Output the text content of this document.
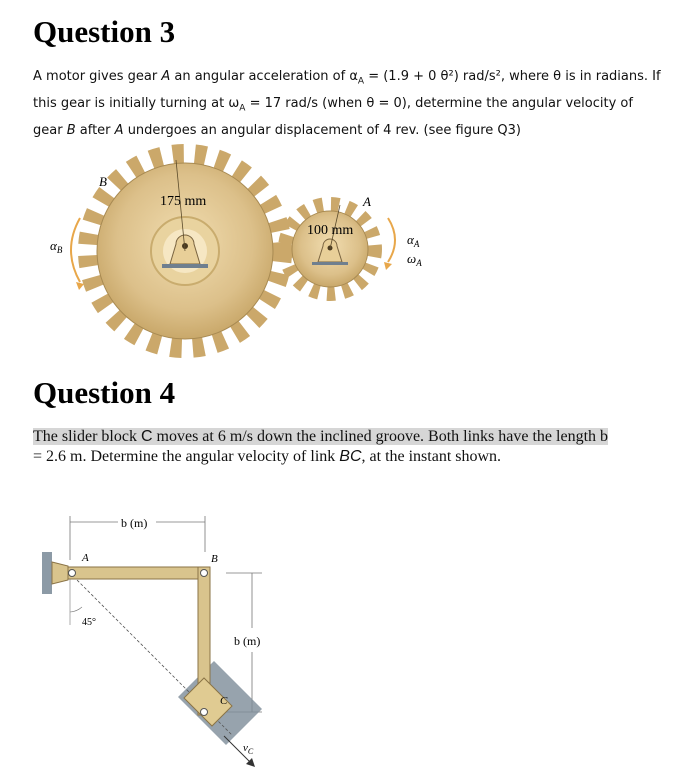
Question 3
A motor gives gear A an angular acceleration of $\alpha_A = (1.9 + 0$ θ²) rad/s², where θ is in radians. If
this gear is initially turning at $\omega_A = 17$ rad/s (when θ = 0), determine the angular velocity of
gear B after A undergoes an angular displacement of 4 rev. (see figure Q3)
B
175 mm	A
100 mm
$\alpha_B$
$\alpha_A$
$\omega_A$
Question 4
The slider block C moves at 6 m/s down the inclined groove. Both links have the length b
= 2.6 m. Determine the angular velocity of link BC, at the instant shown.
b (m)
b (m)
45°
A	B
C
$v_C$
